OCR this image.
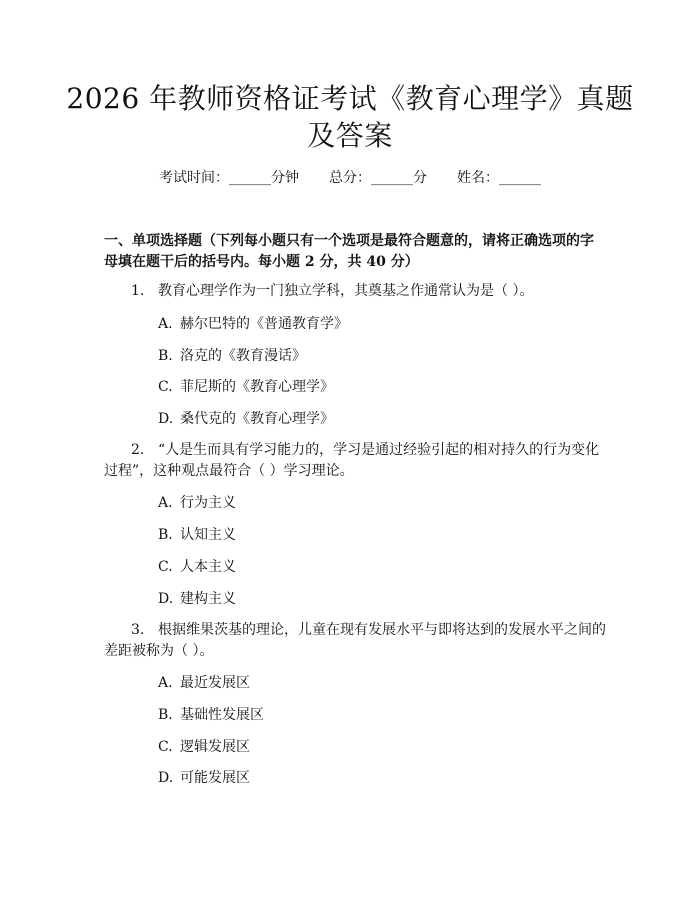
2026 年教师资格证考试《教育心理学》真题
及答案
考试时间：______分钟 总分：______分 姓名：______
一、单项选择题（下列每小题只有一个选项是最符合题意的，请将正确选项的字
母填在题干后的括号内。每小题 2 分，共 40 分）
1. 教育心理学作为一门独立学科，其奠基之作通常认为是（ ）。
A. 赫尔巴特的《普通教育学》
B. 洛克的《教育漫话》
C. 菲尼斯的《教育心理学》
D. 桑代克的《教育心理学》
2. “人是生而具有学习能力的，学习是通过经验引起的相对持久的行为变化
过程”，这种观点最符合（ ）学习理论。
A. 行为主义
B. 认知主义
C. 人本主义
D. 建构主义
3. 根据维果茨基的理论，儿童在现有发展水平与即将达到的发展水平之间的
差距被称为（ ）。
A. 最近发展区
B. 基础性发展区
C. 逻辑发展区
D. 可能发展区
